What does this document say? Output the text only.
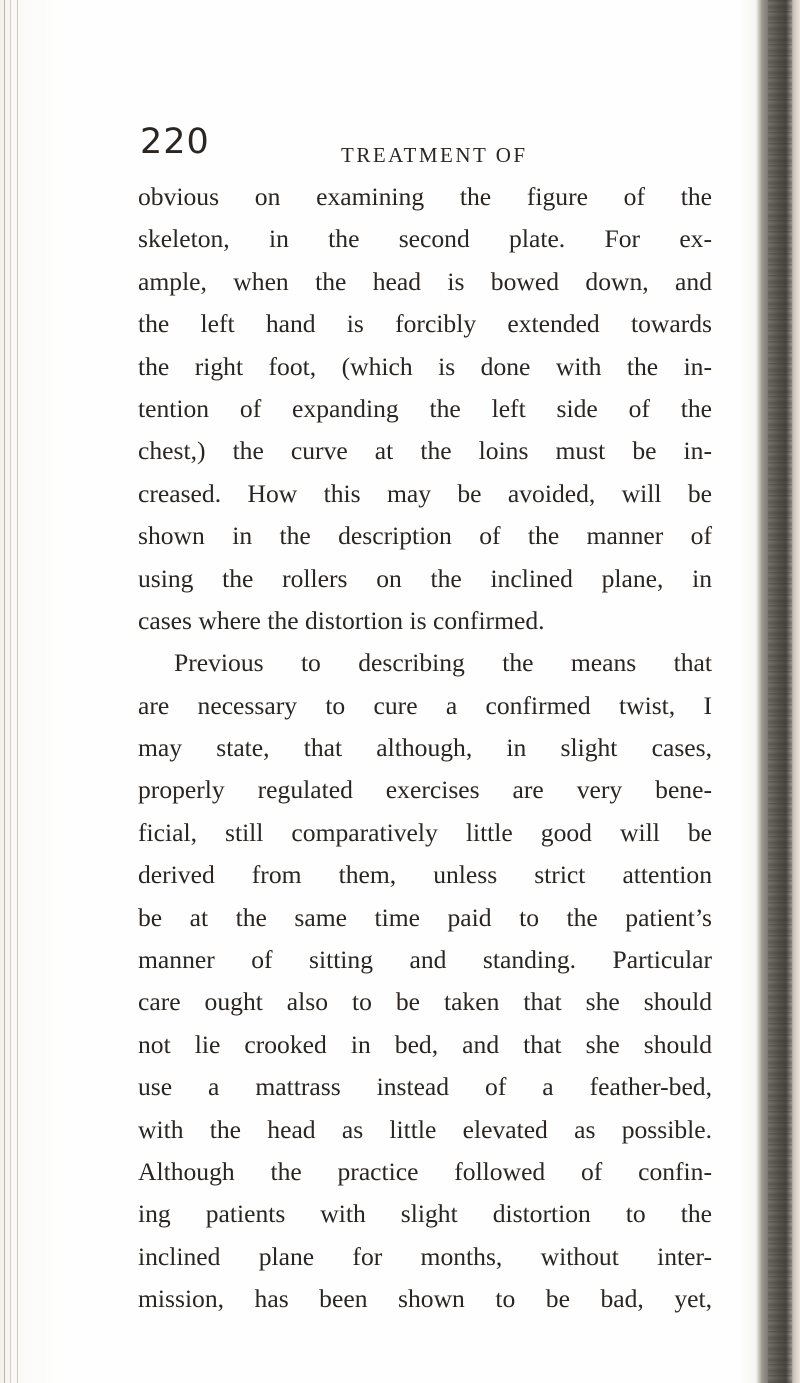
220	TREATMENT OF
obvious on examining the figure of the
skeleton, in the second plate. For ex-
ample, when the head is bowed down, and
the left hand is forcibly extended towards
the right foot, (which is done with the in-
tention of expanding the left side of the
chest,) the curve at the loins must be in-
creased. How this may be avoided, will be
shown in the description of the manner of
using the rollers on the inclined plane, in
cases where the distortion is confirmed.
Previous to describing the means that
are necessary to cure a confirmed twist, I
may state, that although, in slight cases,
properly regulated exercises are very bene-
ficial, still comparatively little good will be
derived from them, unless strict attention
be at the same time paid to the patient’s
manner of sitting and standing. Particular
care ought also to be taken that she should
not lie crooked in bed, and that she should
use a mattrass instead of a feather-bed,
with the head as little elevated as possible.
Although the practice followed of confin-
ing patients with slight distortion to the
inclined plane for months, without inter-
mission, has been shown to be bad, yet,
